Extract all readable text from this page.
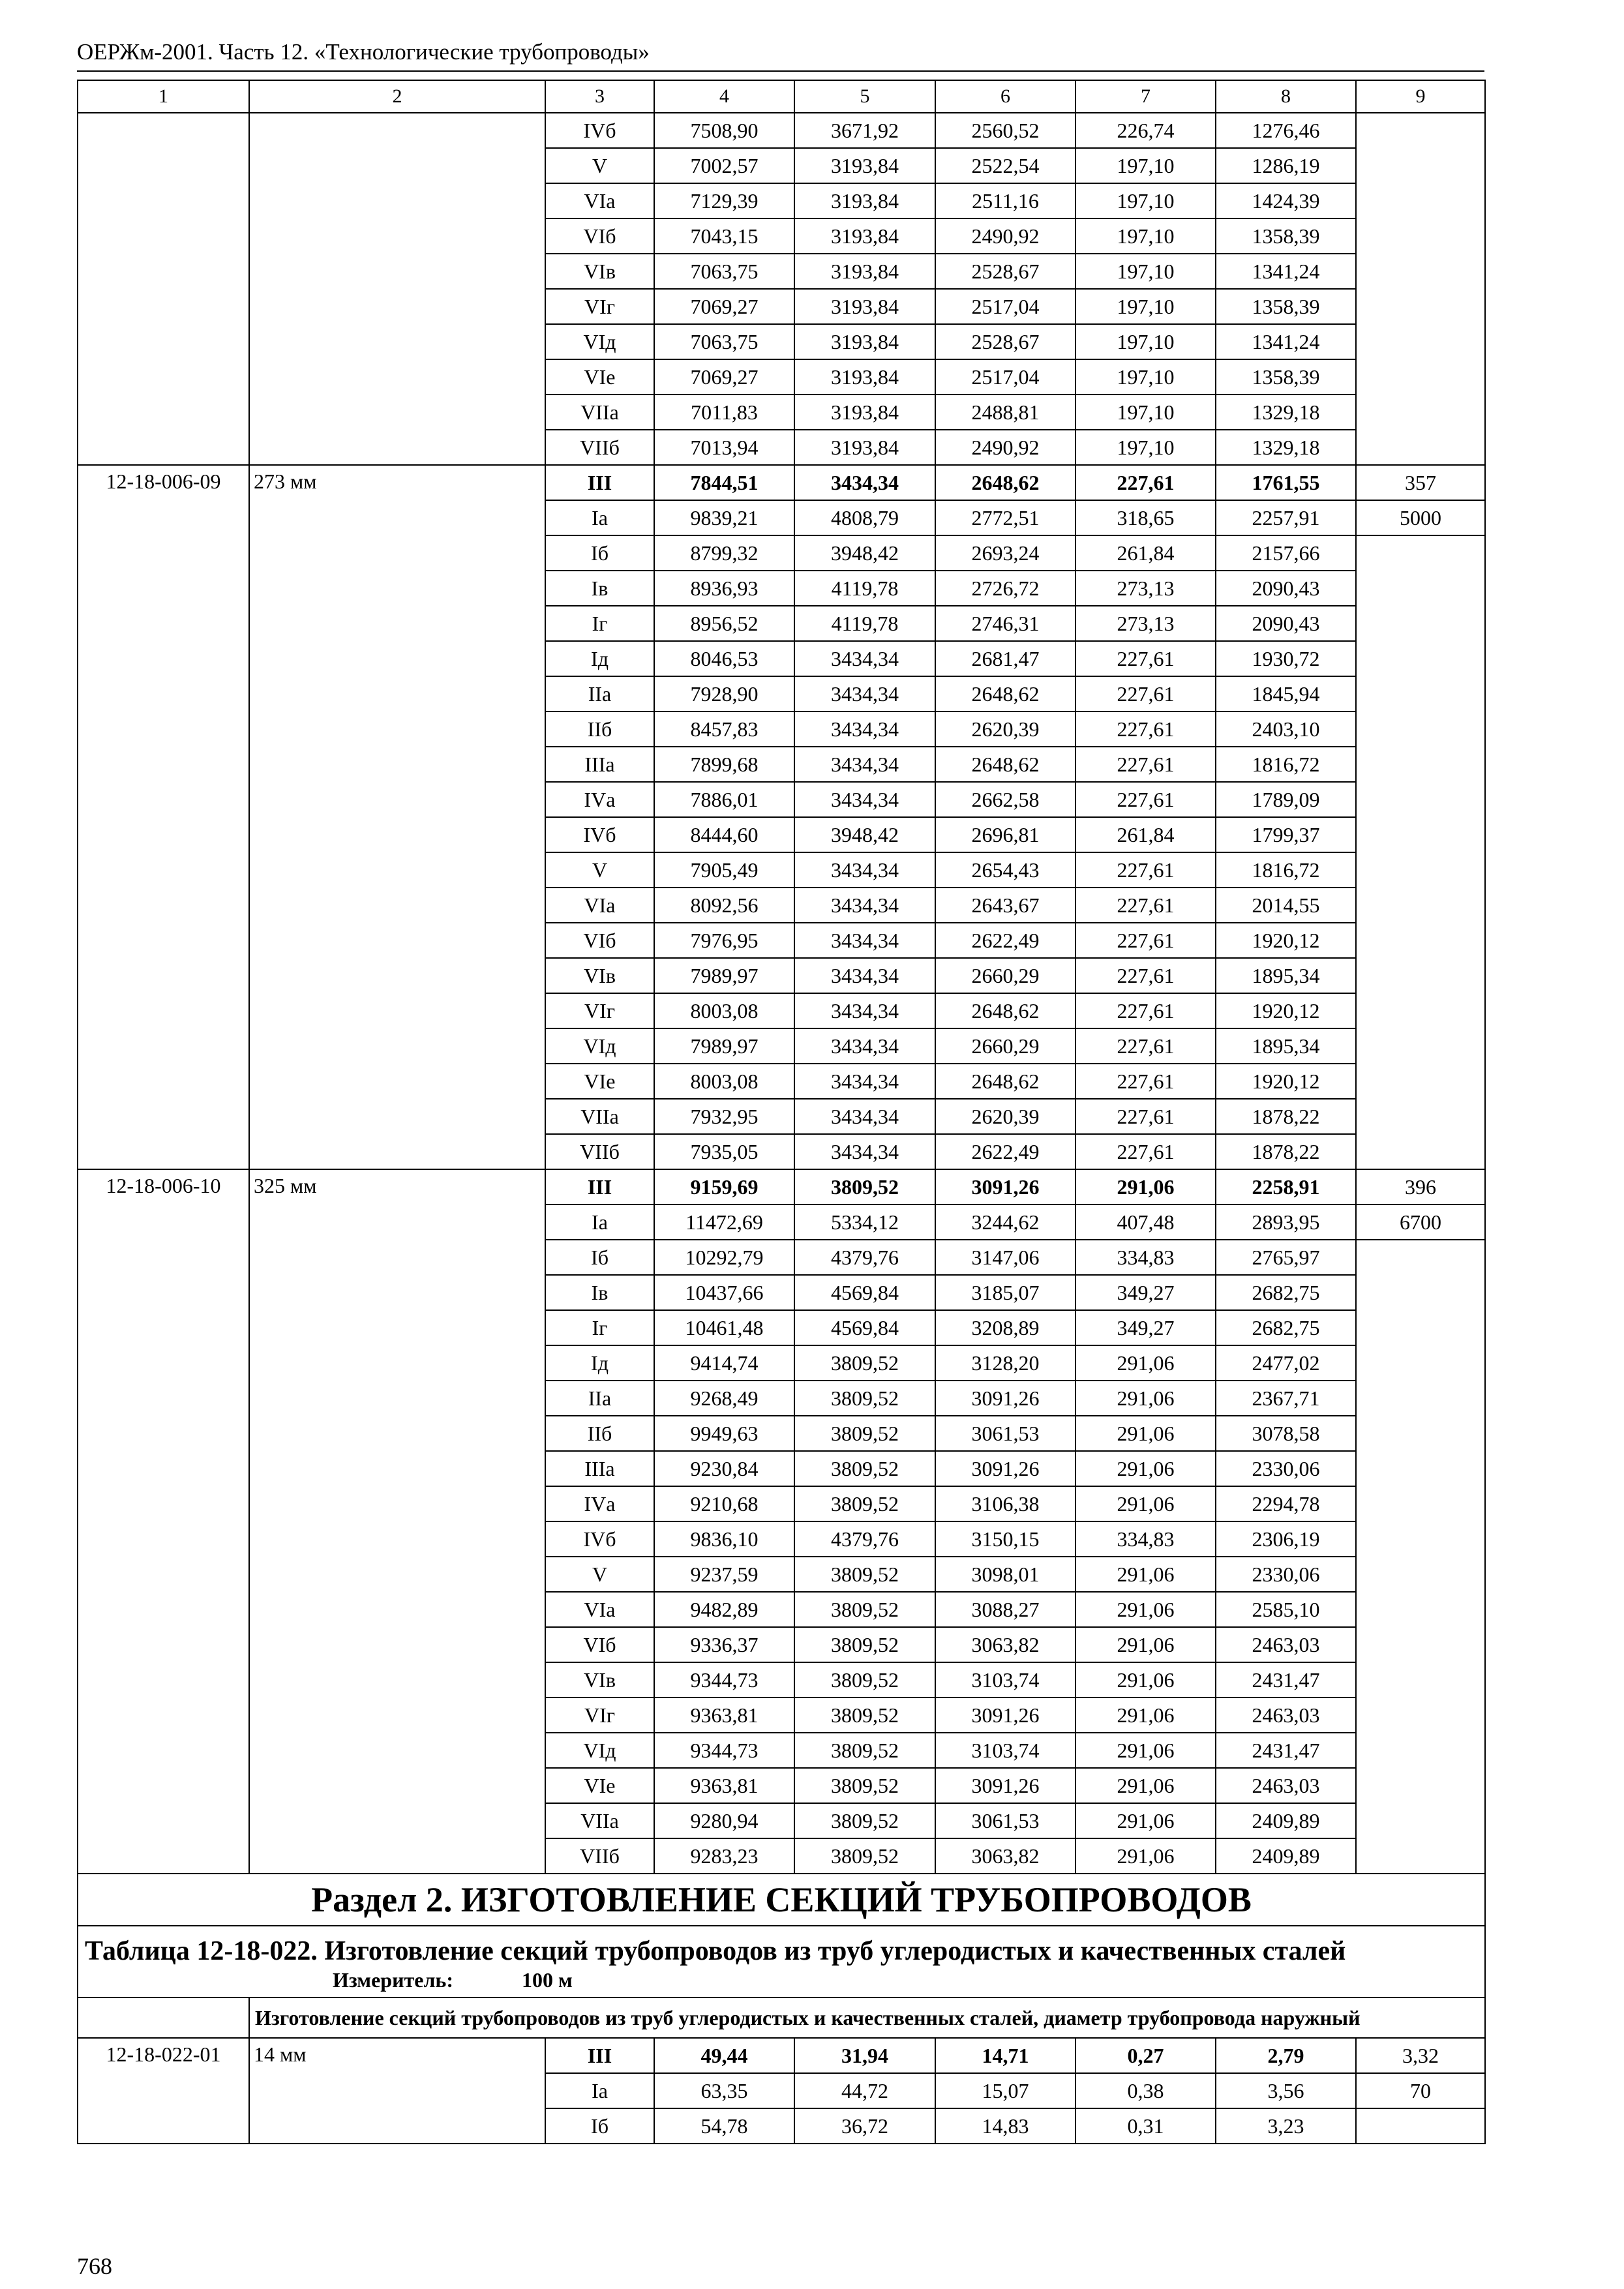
ОЕРЖм-2001. Часть 12. «Технологические трубопроводы»
1	2	3	4	5	6	7	8	9
		IVб	7508,90	3671,92	2560,52	226,74	1276,46	
		V	7002,57	3193,84	2522,54	197,10	1286,19	
		VIа	7129,39	3193,84	2511,16	197,10	1424,39	
		VIб	7043,15	3193,84	2490,92	197,10	1358,39	
		VIв	7063,75	3193,84	2528,67	197,10	1341,24	
		VIг	7069,27	3193,84	2517,04	197,10	1358,39	
		VIд	7063,75	3193,84	2528,67	197,10	1341,24	
		VIе	7069,27	3193,84	2517,04	197,10	1358,39	
		VIIа	7011,83	3193,84	2488,81	197,10	1329,18	
		VIIб	7013,94	3193,84	2490,92	197,10	1329,18	
12-18-006-09	273 мм	III	7844,51	3434,34	2648,62	227,61	1761,55	357
		Iа	9839,21	4808,79	2772,51	318,65	2257,91	5000
		Iб	8799,32	3948,42	2693,24	261,84	2157,66	
		Iв	8936,93	4119,78	2726,72	273,13	2090,43	
		Iг	8956,52	4119,78	2746,31	273,13	2090,43	
		Iд	8046,53	3434,34	2681,47	227,61	1930,72	
		IIа	7928,90	3434,34	2648,62	227,61	1845,94	
		IIб	8457,83	3434,34	2620,39	227,61	2403,10	
		IIIа	7899,68	3434,34	2648,62	227,61	1816,72	
		IVа	7886,01	3434,34	2662,58	227,61	1789,09	
		IVб	8444,60	3948,42	2696,81	261,84	1799,37	
		V	7905,49	3434,34	2654,43	227,61	1816,72	
		VIа	8092,56	3434,34	2643,67	227,61	2014,55	
		VIб	7976,95	3434,34	2622,49	227,61	1920,12	
		VIв	7989,97	3434,34	2660,29	227,61	1895,34	
		VIг	8003,08	3434,34	2648,62	227,61	1920,12	
		VIд	7989,97	3434,34	2660,29	227,61	1895,34	
		VIе	8003,08	3434,34	2648,62	227,61	1920,12	
		VIIа	7932,95	3434,34	2620,39	227,61	1878,22	
		VIIб	7935,05	3434,34	2622,49	227,61	1878,22	
12-18-006-10	325 мм	III	9159,69	3809,52	3091,26	291,06	2258,91	396
		Iа	11472,69	5334,12	3244,62	407,48	2893,95	6700
		Iб	10292,79	4379,76	3147,06	334,83	2765,97	
		Iв	10437,66	4569,84	3185,07	349,27	2682,75	
		Iг	10461,48	4569,84	3208,89	349,27	2682,75	
		Iд	9414,74	3809,52	3128,20	291,06	2477,02	
		IIа	9268,49	3809,52	3091,26	291,06	2367,71	
		IIб	9949,63	3809,52	3061,53	291,06	3078,58	
		IIIа	9230,84	3809,52	3091,26	291,06	2330,06	
		IVа	9210,68	3809,52	3106,38	291,06	2294,78	
		IVб	9836,10	4379,76	3150,15	334,83	2306,19	
		V	9237,59	3809,52	3098,01	291,06	2330,06	
		VIа	9482,89	3809,52	3088,27	291,06	2585,10	
		VIб	9336,37	3809,52	3063,82	291,06	2463,03	
		VIв	9344,73	3809,52	3103,74	291,06	2431,47	
		VIг	9363,81	3809,52	3091,26	291,06	2463,03	
		VIд	9344,73	3809,52	3103,74	291,06	2431,47	
		VIе	9363,81	3809,52	3091,26	291,06	2463,03	
		VIIа	9280,94	3809,52	3061,53	291,06	2409,89	
		VIIб	9283,23	3809,52	3063,82	291,06	2409,89	
Раздел 2. ИЗГОТОВЛЕНИЕ СЕКЦИЙ ТРУБОПРОВОДОВ								

Таблица 12-18-022. Изготовление секций трубопроводов из труб углеродистых и качественных сталей
Измеритель: 100 м								

	Изготовление секций трубопроводов из труб углеродистых и качественных сталей, диаметр трубопровода наружный							
12-18-022-01	14 мм	III	49,44	31,94	14,71	0,27	2,79	3,32
		Iа	63,35	44,72	15,07	0,38	3,56	70
		Iб	54,78	36,72	14,83	0,31	3,23	
768
